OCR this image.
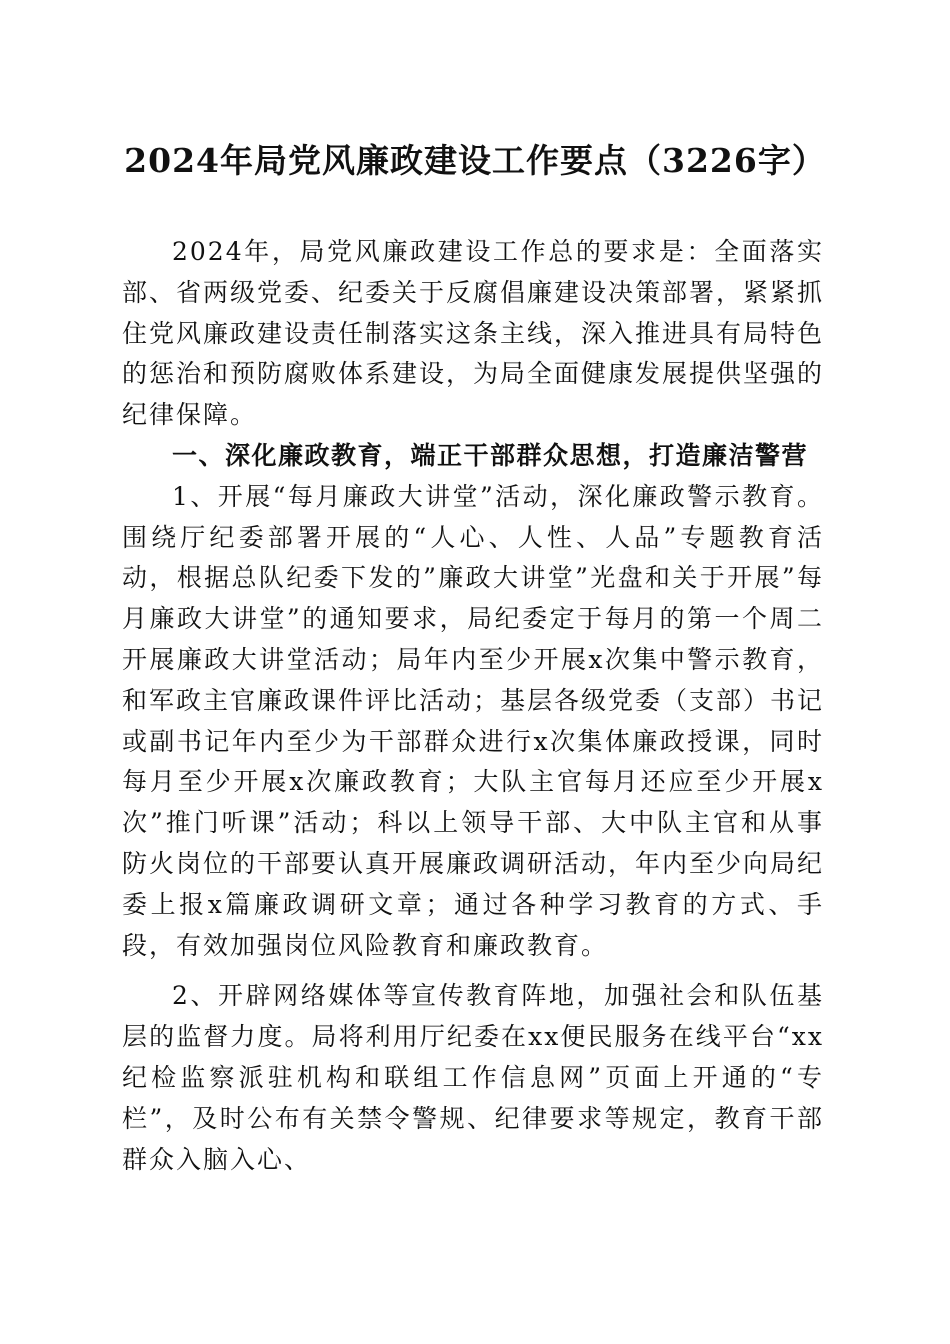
2024年局党风廉政建设工作要点（3226字）

2024年，局党风廉政建设工作总的要求是：全面落实部、省两级党委、纪委关于反腐倡廉建设决策部署，紧紧抓住党风廉政建设责任制落实这条主线，深入推进具有局特色的惩治和预防腐败体系建设，为局全面健康发展提供坚强的纪律保障。

一、深化廉政教育，端正干部群众思想，打造廉洁警营

1、开展“每月廉政大讲堂”活动，深化廉政警示教育。围绕厅纪委部署开展的“人心、人性、人品”专题教育活动，根据总队纪委下发的”廉政大讲堂”光盘和关于开展”每月廉政大讲堂”的通知要求，局纪委定于每月的第一个周二开展廉政大讲堂活动；局年内至少开展x次集中警示教育，和军政主官廉政课件评比活动；基层各级党委（支部）书记或副书记年内至少为干部群众进行x次集体廉政授课，同时每月至少开展x次廉政教育；大队主官每月还应至少开展x次”推门听课”活动；科以上领导干部、大中队主官和从事防火岗位的干部要认真开展廉政调研活动，年内至少向局纪委上报x篇廉政调研文章；通过各种学习教育的方式、手段，有效加强岗位风险教育和廉政教育。

2、开辟网络媒体等宣传教育阵地，加强社会和队伍基层的监督力度。局将利用厅纪委在xx便民服务在线平台“xx纪检监察派驻机构和联组工作信息网”页面上开通的“专栏”，及时公布有关禁令警规、纪律要求等规定，教育干部群众入脑入心、
